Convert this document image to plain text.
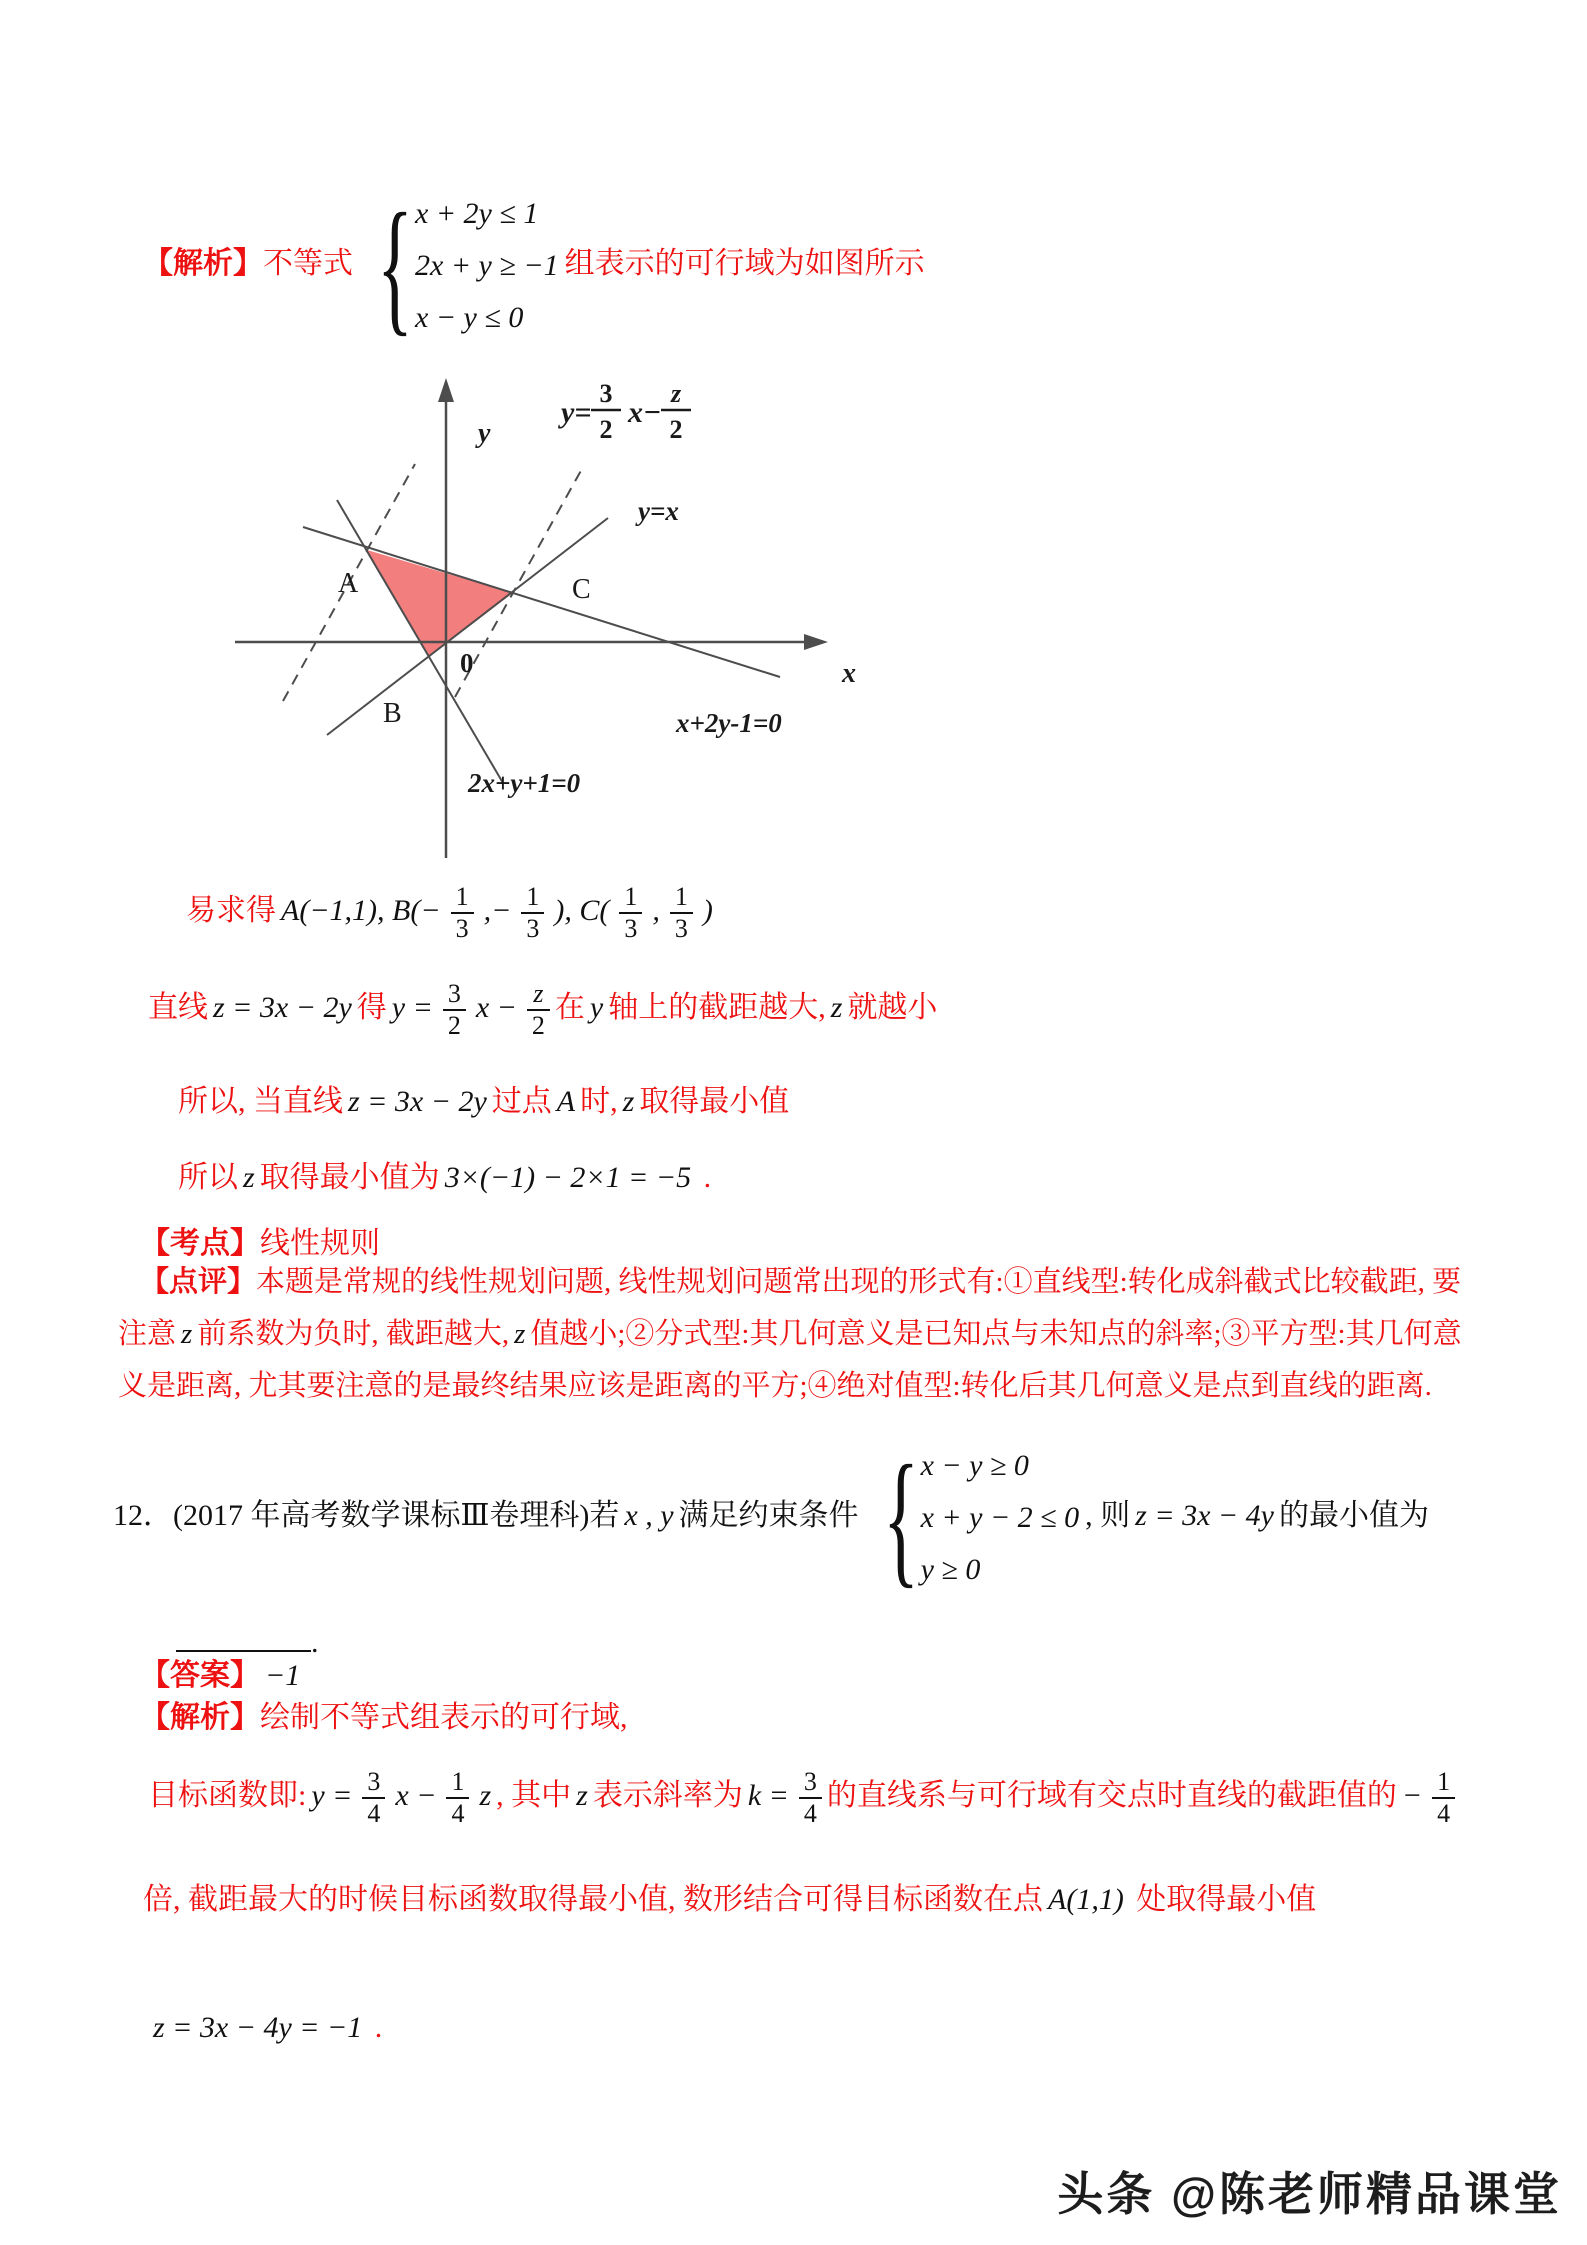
【解析】不等式 { x + 2y ≤ 1
2x + y ≥ −1
x − y ≤ 0
组表示的可行域为如图所示
y
x
0
A
B
C
y=x
x+2y-1=0
2x+y+1=0
y=
3
2
x−
z
2
易求得 A(−1,1), $B(- \frac{1}{3}$ ,− $\frac{1}{3}$ ), $C( \frac{1}{3}$ , $\frac{1}{3}$ )
直线 z = 3x − 2y 得 $y = \frac{3}{2}$ $x - \frac{z}{2}$ 在 y 轴上的截距越大, z 就越小
所以, 当直线 z = 3x − 2y 过点 A 时, z 取得最小值
所以 z 取得最小值为 3×(−1) − 2×1 = −5 .
【考点】线性规则
【点评】本题是常规的线性规划问题, 线性规划问题常出现的形式有:①直线型:转化成斜截式比较截距, 要注意 z 前系数为负时, 截距越大, z 值越小;②分式型:其几何意义是已知点与未知点的斜率;③平方型:其几何意义是距离, 尤其要注意的是最终结果应该是距离的平方;④绝对值型:转化后其几何意义是点到直线的距离.
12．(2017 年高考数学课标Ⅲ卷理科)若 x , y 满足约束条件 { x − y ≥ 0
x + y − 2 ≤ 0
y ≥ 0
, 则 z = 3x − 4y 的最小值为
.
【答案】 −1
【解析】绘制不等式组表示的可行域,
目标函数即: $y = \frac{3}{4}$ $x - \frac{1}{4}$ z , 其中 z 表示斜率为 $k = \frac{3}{4}$ 的直线系与可行域有交点时直线的截距值的 − $\frac{1}{4}$
倍, 截距最大的时候目标函数取得最小值, 数形结合可得目标函数在点 A(1,1) 处取得最小值
z = 3x − 4y = −1 .
头条 @陈老师精品课堂
